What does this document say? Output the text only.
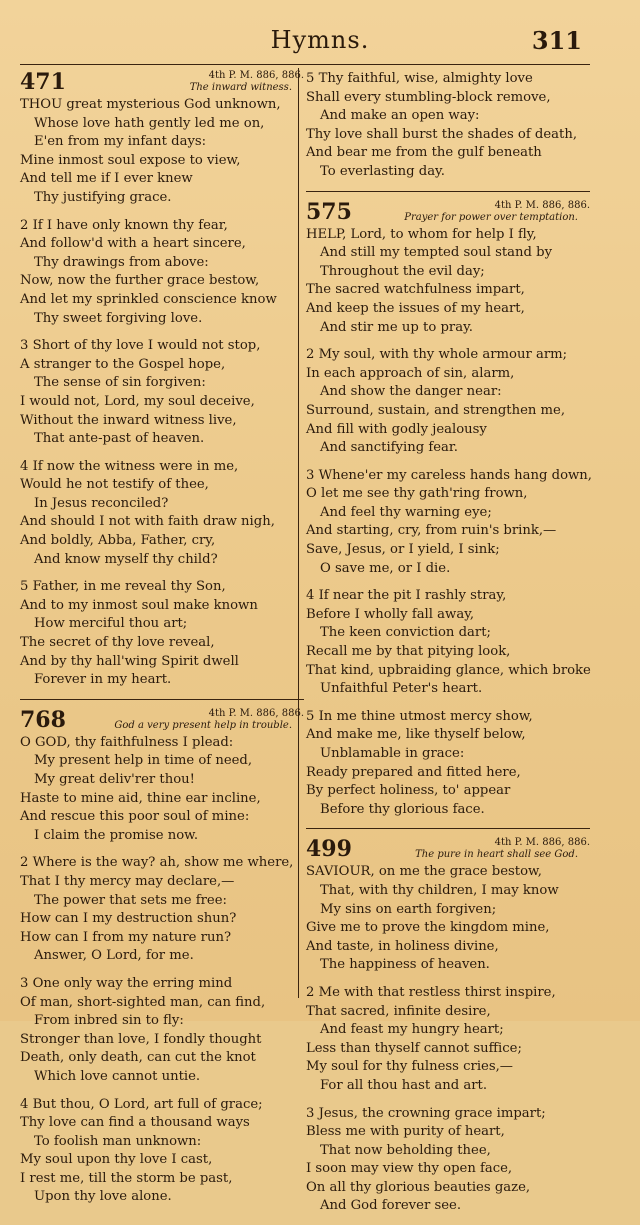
Hymns.	311
471	4th P. M. 886, 886.
The inward witness.
THOU great mysterious God unknown,
Whose love hath gently led me on,
E'en from my infant days:
Mine inmost soul expose to view,
And tell me if I ever knew
Thy justifying grace.
2 If I have only known thy fear,
And follow'd with a heart sincere,
Thy drawings from above:
Now, now the further grace bestow,
And let my sprinkled conscience know
Thy sweet forgiving love.
3 Short of thy love I would not stop,
A stranger to the Gospel hope,
The sense of sin forgiven:
I would not, Lord, my soul deceive,
Without the inward witness live,
That ante-past of heaven.
4 If now the witness were in me,
Would he not testify of thee,
In Jesus reconciled?
And should I not with faith draw nigh,
And boldly, Abba, Father, cry,
And know myself thy child?
5 Father, in me reveal thy Son,
And to my inmost soul make known
How merciful thou art;
The secret of thy love reveal,
And by thy hall'wing Spirit dwell
Forever in my heart.
768	4th P. M. 886, 886.
God a very present help in trouble.
O GOD, thy faithfulness I plead:
My present help in time of need,
My great deliv'rer thou!
Haste to mine aid, thine ear incline,
And rescue this poor soul of mine:
I claim the promise now.
2 Where is the way? ah, show me where,
That I thy mercy may declare,—
The power that sets me free:
How can I my destruction shun?
How can I from my nature run?
Answer, O Lord, for me.
3 One only way the erring mind
Of man, short-sighted man, can find,
From inbred sin to fly:
Stronger than love, I fondly thought
Death, only death, can cut the knot
Which love cannot untie.
4 But thou, O Lord, art full of grace;
Thy love can find a thousand ways
To foolish man unknown:
My soul upon thy love I cast,
I rest me, till the storm be past,
Upon thy love alone.
5 Thy faithful, wise, almighty love
Shall every stumbling-block remove,
And make an open way:
Thy love shall burst the shades of death,
And bear me from the gulf beneath
To everlasting day.
575	4th P. M. 886, 886.
Prayer for power over temptation.
HELP, Lord, to whom for help I fly,
And still my tempted soul stand by
Throughout the evil day;
The sacred watchfulness impart,
And keep the issues of my heart,
And stir me up to pray.
2 My soul, with thy whole armour arm;
In each approach of sin, alarm,
And show the danger near:
Surround, sustain, and strengthen me,
And fill with godly jealousy
And sanctifying fear.
3 Whene'er my careless hands hang down,
O let me see thy gath'ring frown,
And feel thy warning eye;
And starting, cry, from ruin's brink,—
Save, Jesus, or I yield, I sink;
O save me, or I die.
4 If near the pit I rashly stray,
Before I wholly fall away,
The keen conviction dart;
Recall me by that pitying look,
That kind, upbraiding glance, which broke
Unfaithful Peter's heart.
5 In me thine utmost mercy show,
And make me, like thyself below,
Unblamable in grace:
Ready prepared and fitted here,
By perfect holiness, to' appear
Before thy glorious face.
499	4th P. M. 886, 886.
The pure in heart shall see God.
SAVIOUR, on me the grace bestow,
That, with thy children, I may know
My sins on earth forgiven;
Give me to prove the kingdom mine,
And taste, in holiness divine,
The happiness of heaven.
2 Me with that restless thirst inspire,
That sacred, infinite desire,
And feast my hungry heart;
Less than thyself cannot suffice;
My soul for thy fulness cries,—
For all thou hast and art.
3 Jesus, the crowning grace impart;
Bless me with purity of heart,
That now beholding thee,
I soon may view thy open face,
On all thy glorious beauties gaze,
And God forever see.
